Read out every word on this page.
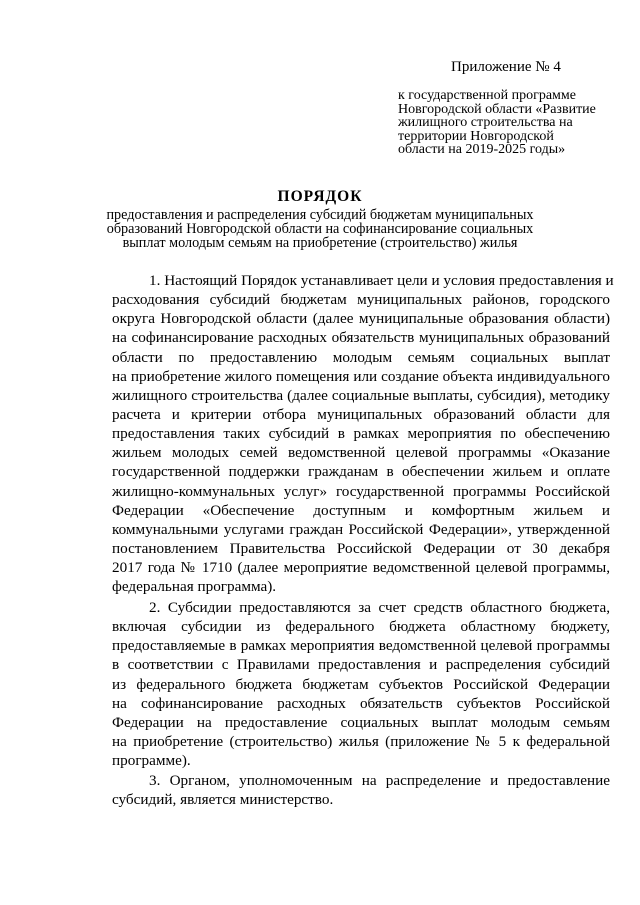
Приложение № 4
к государственной программе
Новгородской области «Развитие
жилищного строительства на
территории Новгородской
области на 2019-2025 годы»
ПОРЯДОК
предоставления и распределения субсидий бюджетам муниципальных
образований Новгородской области на софинансирование социальных
выплат молодым семьям на приобретение (строительство) жилья
1. Настоящий Порядок устанавливает цели и условия предоставления и
расходования субсидий бюджетам муниципальных районов, городского
округа Новгородской области (далее муниципальные образования области)
на софинансирование расходных обязательств муниципальных образований
области по предоставлению молодым семьям социальных выплат
на приобретение жилого помещения или создание объекта индивидуального
жилищного строительства (далее социальные выплаты, субсидия), методику
расчета и критерии отбора муниципальных образований области для
предоставления таких субсидий в рамках мероприятия по обеспечению
жильем молодых семей ведомственной целевой программы «Оказание
государственной поддержки гражданам в обеспечении жильем и оплате
жилищно-коммунальных услуг» государственной программы Российской
Федерации «Обеспечение доступным и комфортным жильем и
коммунальными услугами граждан Российской Федерации», утвержденной
постановлением Правительства Российской Федерации от 30 декабря
2017 года № 1710 (далее мероприятие ведомственной целевой программы,
федеральная программа).
2. Субсидии предоставляются за счет средств областного бюджета,
включая субсидии из федерального бюджета областному бюджету,
предоставляемые в рамках мероприятия ведомственной целевой программы
в соответствии с Правилами предоставления и распределения субсидий
из федерального бюджета бюджетам субъектов Российской Федерации
на софинансирование расходных обязательств субъектов Российской
Федерации на предоставление социальных выплат молодым семьям
на приобретение (строительство) жилья (приложение № 5 к федеральной
программе).
3. Органом, уполномоченным на распределение и предоставление
субсидий, является министерство.
